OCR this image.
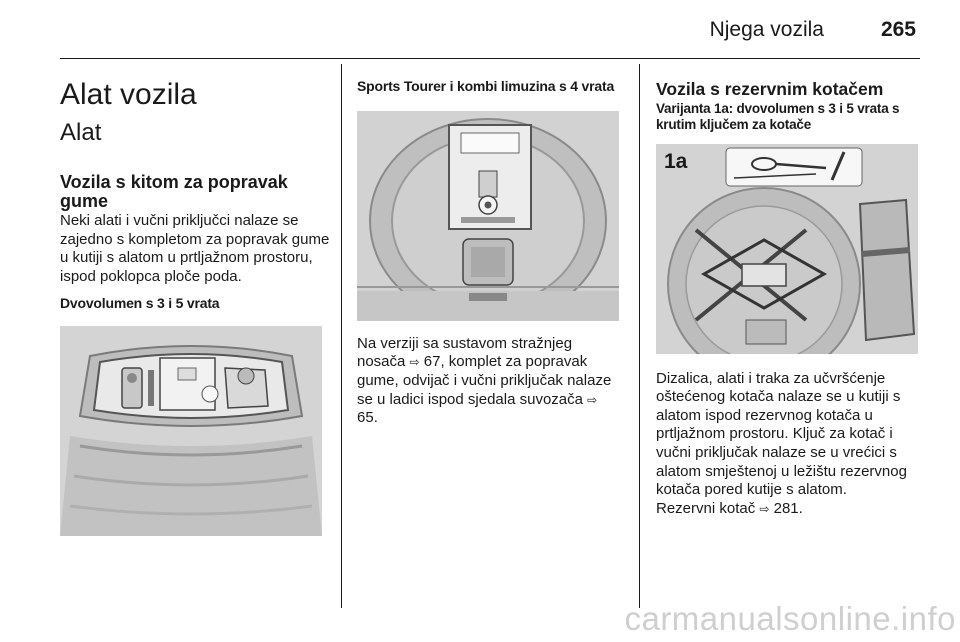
Njega vozila	265
Alat vozila
Alat
Vozila s kitom za popravak gume

Neki alati i vučni priključci nalaze se zajedno s kompletom za popravak gume u kutiji s alatom u prtljažnom prostoru, ispod poklopca ploče poda.

Dvovolumen s 3 i 5 vrata
Sports Tourer i kombi limuzina s 4 vrata

Na verziji sa sustavom stražnjeg nosača ⇨ 67, komplet za popravak gume, odvijač i vučni priključak nalaze se u ladici ispod sjedala suvozača ⇨ 65.

Vozila s rezervnim kotačem
Varijanta 1a: dvovolumen s 3 i 5 vrata s krutim ključem za kotače
1a

Dizalica, alati i traka za učvršćenje oštećenog kotača nalaze se u kutiji s alatom ispod rezervnog kotača u prtljažnom prostoru. Ključ za kotač i vučni priključak nalaze se u vrećici s alatom smještenoj u ležištu rezervnog kotača pored kutije s alatom.

Rezervni kotač ⇨ 281.

carmanualsonline.info
